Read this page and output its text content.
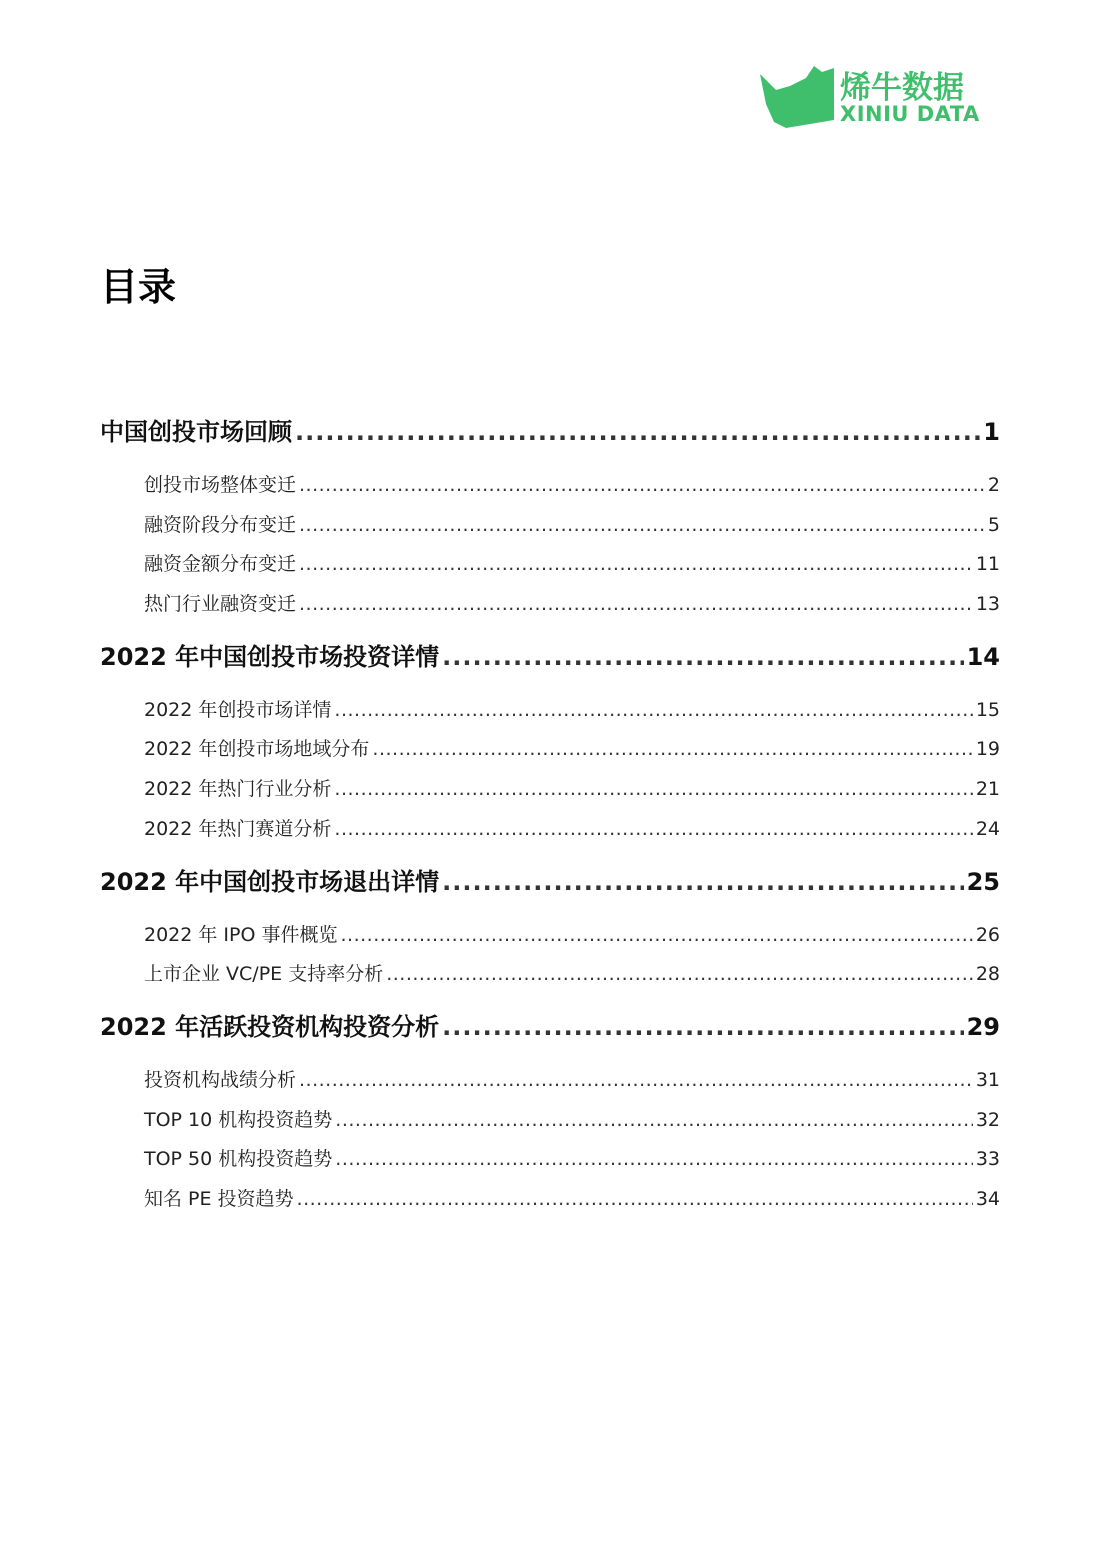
烯牛数据
XINIU DATA
目录
中国创投市场回顾 .....	1
创投市场整体变迁 .....	2
融资阶段分布变迁 .....	5
融资金额分布变迁 .....	11
热门行业融资变迁 .....	13
2022 年中国创投市场投资详情 .....	14
2022 年创投市场详情 .....	15
2022 年创投市场地域分布 .....	19
2022 年热门行业分析 .....	21
2022 年热门赛道分析 .....	24
2022 年中国创投市场退出详情 .....	25
2022 年 IPO 事件概览 .....	26
上市企业 VC/PE 支持率分析 .....	28
2022 年活跃投资机构投资分析 .....	29
投资机构战绩分析 .....	31
TOP 10 机构投资趋势 .....	32
TOP 50 机构投资趋势 .....	33
知名 PE 投资趋势 .....	34
